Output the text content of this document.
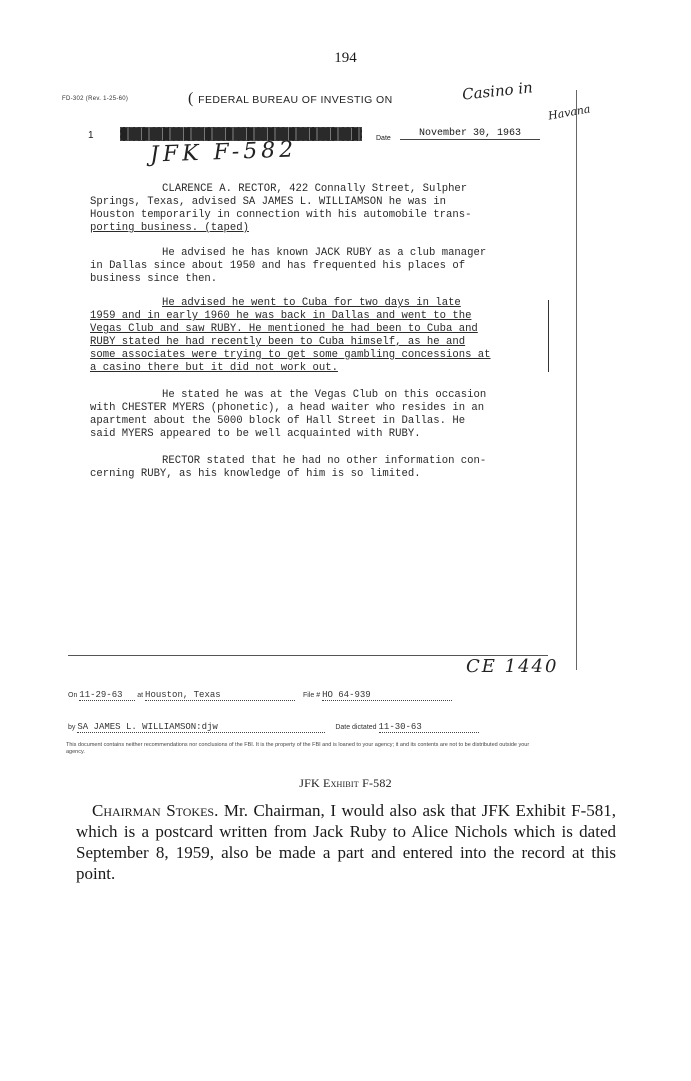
194
FD-302 (Rev. 1-25-60)	( FEDERAL BUREAU OF INVESTIG ON	Casino in
Havana
1	Date	November 30, 1963
JFK F-582
CLARENCE A. RECTOR, 422 Connally Street, Sulpher
Springs, Texas, advised SA JAMES L. WILLIAMSON he was in
Houston temporarily in connection with his automobile trans-
porting business. (taped)
He advised he has known JACK RUBY as a club manager
in Dallas since about 1950 and has frequented his places of
business since then.
He advised he went to Cuba for two days in late
1959 and in early 1960 he was back in Dallas and went to the
Vegas Club and saw RUBY. He mentioned he had been to Cuba and
RUBY stated he had recently been to Cuba himself, as he and
some associates were trying to get some gambling concessions at
a casino there but it did not work out.
He stated he was at the Vegas Club on this occasion
with CHESTER MYERS (phonetic), a head waiter who resides in an
apartment about the 5000 block of Hall Street in Dallas. He
said MYERS appeared to be well acquainted with RUBY.
RECTOR stated that he had no other information con-
cerning RUBY, as his knowledge of him is so limited.
CE 1440
On 11-29-63 at Houston, Texas	File # HO 64-939
by SA JAMES L. WILLIAMSON:djw	Date dictated 11-30-63
This document contains neither recommendations nor conclusions of the FBI. It is the property of the FBI and is loaned to your agency; it and its contents are not to be distributed outside your agency.
JFK Exhibit F-582
Chairman Stokes. Mr. Chairman, I would also ask that JFK Exhibit F-581, which is a postcard written from Jack Ruby to Alice Nichols which is dated September 8, 1959, also be made a part and entered into the record at this point.
